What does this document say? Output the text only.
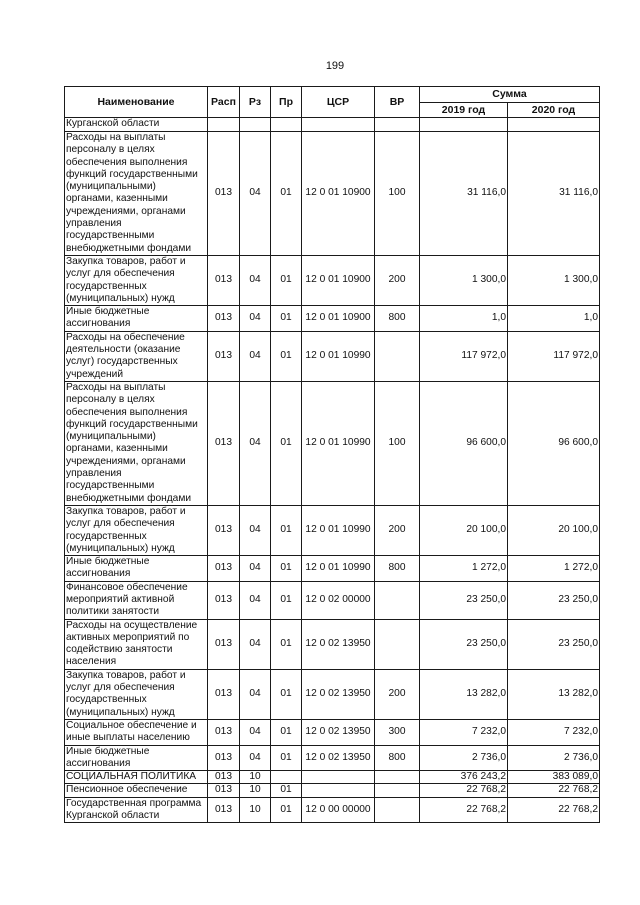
199
Наименование	Расп	Рз	Пр	ЦСР	ВР	Сумма	
						2019 год	2020 год
Курганской области							
Расходы на выплаты персоналу в целях обеспечения выполнения функций государственными (муниципальными) органами, казенными учреждениями, органами управления государственными внебюджетными фондами	013	04	01	12 0 01 10900	100	31 116,0	31 116,0
Закупка товаров, работ и услуг для обеспечения государственных (муниципальных) нужд	013	04	01	12 0 01 10900	200	1 300,0	1 300,0
Иные бюджетные ассигнования	013	04	01	12 0 01 10900	800	1,0	1,0
Расходы на обеспечение деятельности (оказание услуг) государственных учреждений	013	04	01	12 0 01 10990		117 972,0	117 972,0
Расходы на выплаты персоналу в целях обеспечения выполнения функций государственными (муниципальными) органами, казенными учреждениями, органами управления государственными внебюджетными фондами	013	04	01	12 0 01 10990	100	96 600,0	96 600,0
Закупка товаров, работ и услуг для обеспечения государственных (муниципальных) нужд	013	04	01	12 0 01 10990	200	20 100,0	20 100,0
Иные бюджетные ассигнования	013	04	01	12 0 01 10990	800	1 272,0	1 272,0
Финансовое обеспечение мероприятий активной политики занятости	013	04	01	12 0 02 00000		23 250,0	23 250,0
Расходы на осуществление активных мероприятий по содействию занятости населения	013	04	01	12 0 02 13950		23 250,0	23 250,0
Закупка товаров, работ и услуг для обеспечения государственных (муниципальных) нужд	013	04	01	12 0 02 13950	200	13 282,0	13 282,0
Социальное обеспечение и иные выплаты населению	013	04	01	12 0 02 13950	300	7 232,0	7 232,0
Иные бюджетные ассигнования	013	04	01	12 0 02 13950	800	2 736,0	2 736,0
СОЦИАЛЬНАЯ ПОЛИТИКА	013	10				376 243,2	383 089,0
Пенсионное обеспечение	013	10	01			22 768,2	22 768,2
Государственная программа Курганской области	013	10	01	12 0 00 00000		22 768,2	22 768,2
